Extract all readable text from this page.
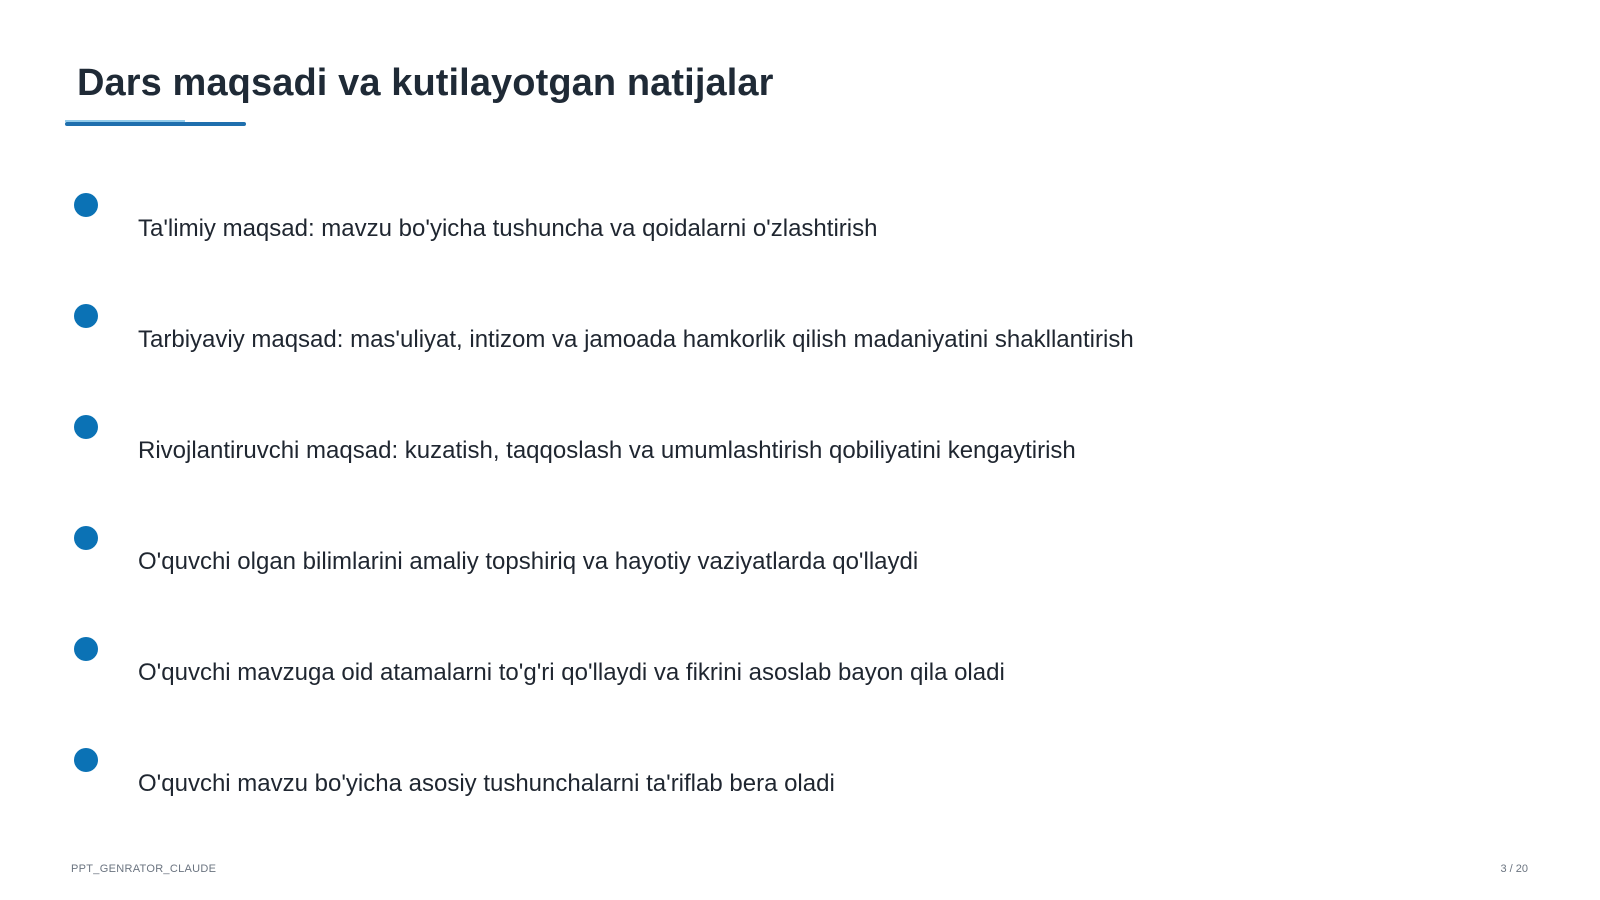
Dars maqsadi va kutilayotgan natijalar
Ta'limiy maqsad: mavzu bo'yicha tushuncha va qoidalarni o'zlashtirish
Tarbiyaviy maqsad: mas'uliyat, intizom va jamoada hamkorlik qilish madaniyatini shakllantirish
Rivojlantiruvchi maqsad: kuzatish, taqqoslash va umumlashtirish qobiliyatini kengaytirish
O'quvchi olgan bilimlarini amaliy topshiriq va hayotiy vaziyatlarda qo'llaydi
O'quvchi mavzuga oid atamalarni to'g'ri qo'llaydi va fikrini asoslab bayon qila oladi
O'quvchi mavzu bo'yicha asosiy tushunchalarni ta'riflab bera oladi
PPT_GENRATOR_CLAUDE	3 / 20
